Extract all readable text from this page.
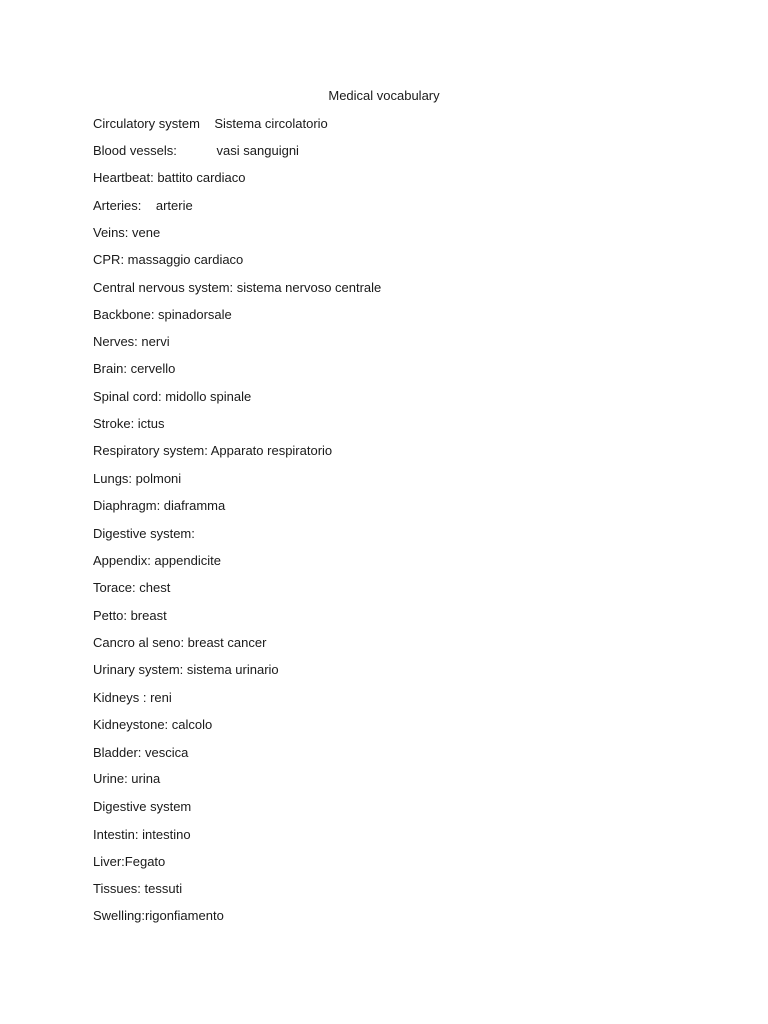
Medical vocabulary
Circulatory system    Sistema circolatorio
Blood vessels:           vasi sanguigni
Heartbeat: battito cardiaco
Arteries:    arterie
Veins: vene
CPR: massaggio cardiaco
Central nervous system: sistema nervoso centrale
Backbone: spinadorsale
Nerves: nervi
Brain: cervello
Spinal cord: midollo spinale
Stroke: ictus
Respiratory system: Apparato respiratorio
Lungs: polmoni
Diaphragm: diaframma
Digestive system:
Appendix: appendicite
Torace: chest
Petto: breast
Cancro al seno: breast cancer
Urinary system: sistema urinario
Kidneys : reni
Kidneystone: calcolo
Bladder: vescica
Urine: urina
Digestive system
Intestin: intestino
Liver:Fegato
Tissues: tessuti
Swelling:rigonfiamento
